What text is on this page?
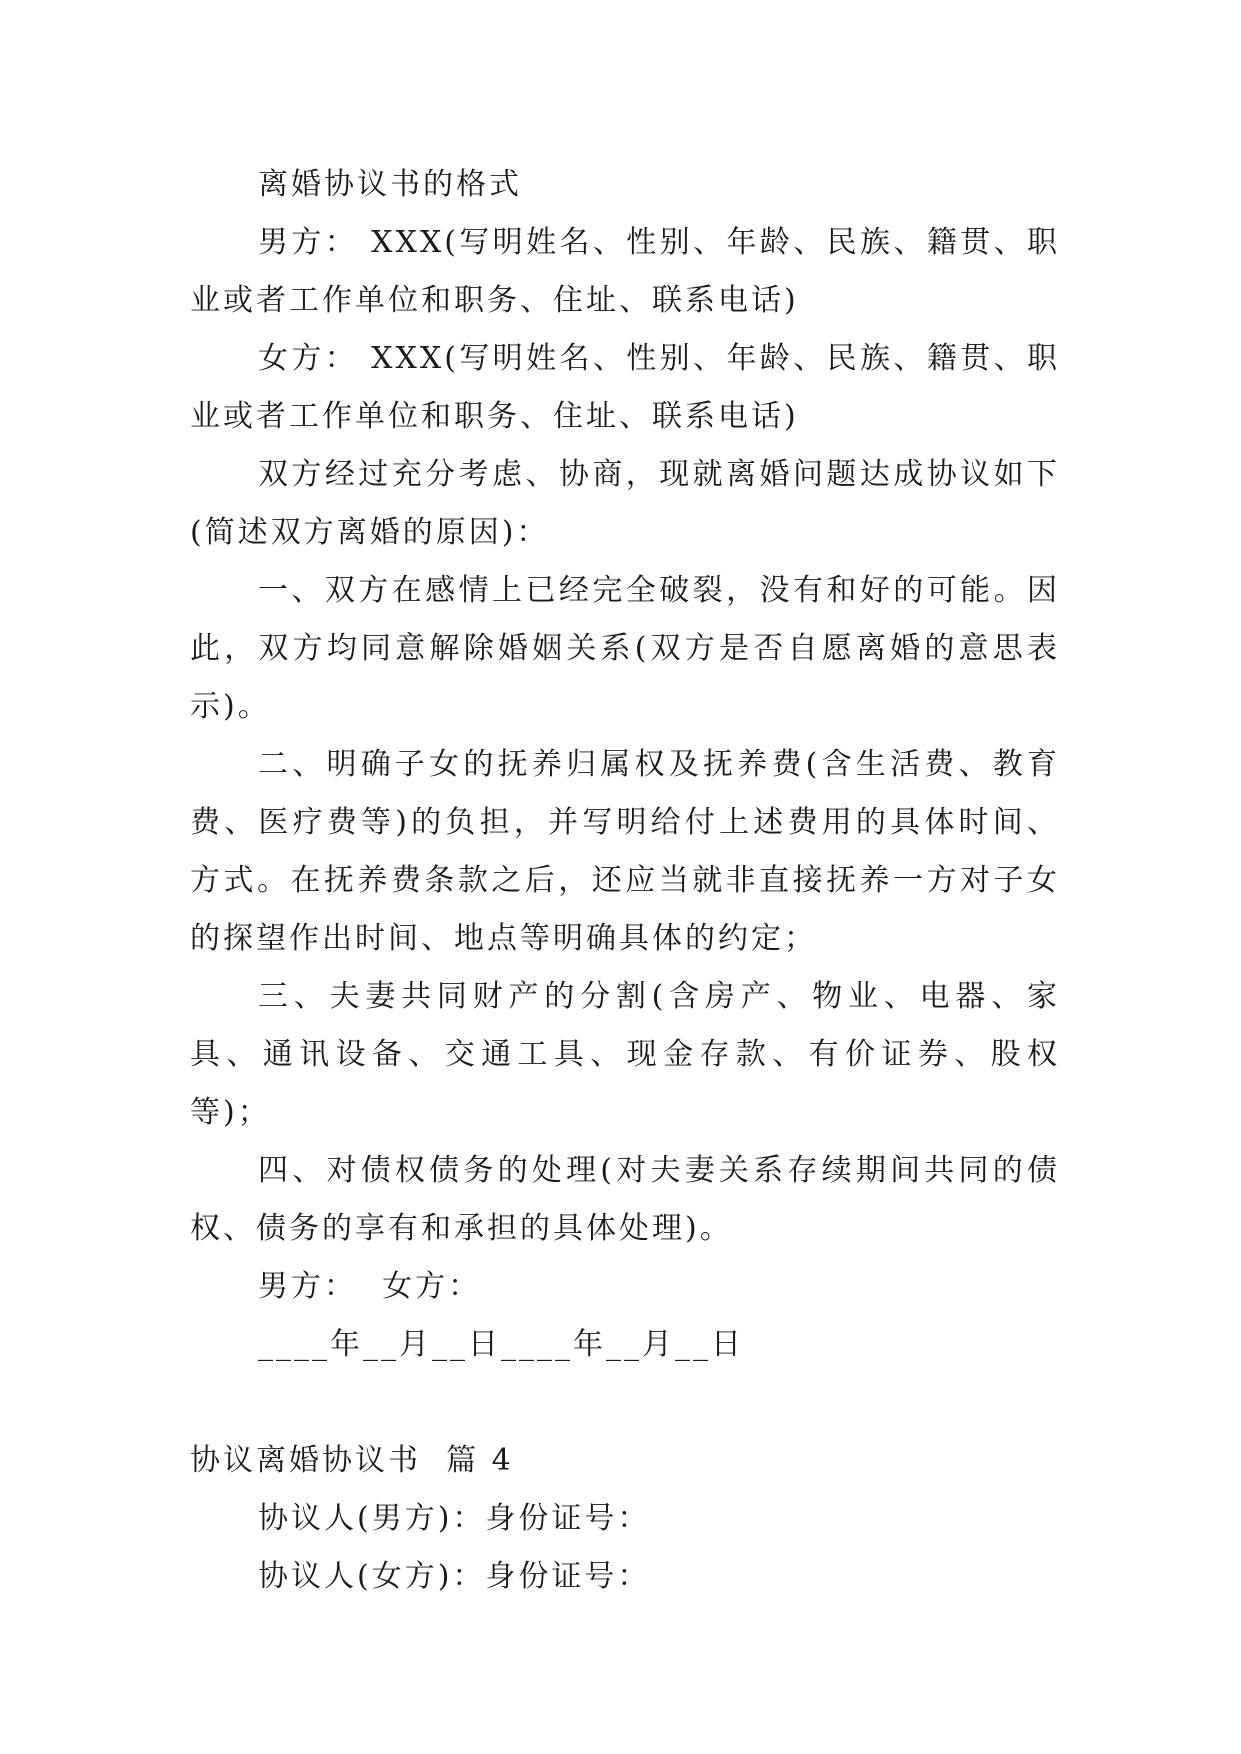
离婚协议书的格式

男方： XXX(写明姓名、性别、年龄、民族、籍贯、职业或者工作单位和职务、住址、联系电话)

女方： XXX(写明姓名、性别、年龄、民族、籍贯、职业或者工作单位和职务、住址、联系电话)

双方经过充分考虑、协商，现就离婚问题达成协议如下(简述双方离婚的原因)：

一、双方在感情上已经完全破裂，没有和好的可能。因此，双方均同意解除婚姻关系(双方是否自愿离婚的意思表示)。

二、明确子女的抚养归属权及抚养费(含生活费、教育费、医疗费等)的负担，并写明给付上述费用的具体时间、方式。在抚养费条款之后，还应当就非直接抚养一方对子女的探望作出时间、地点等明确具体的约定；

三、夫妻共同财产的分割(含房产、物业、电器、家具、通讯设备、交通工具、现金存款、有价证券、股权等)；

四、对债权债务的处理(对夫妻关系存续期间共同的债权、债务的享有和承担的具体处理)。

男方：  女方：

____年__月__日____年__月__日

协议离婚协议书  篇 4

协议人(男方)：身份证号：

协议人(女方)：身份证号：
